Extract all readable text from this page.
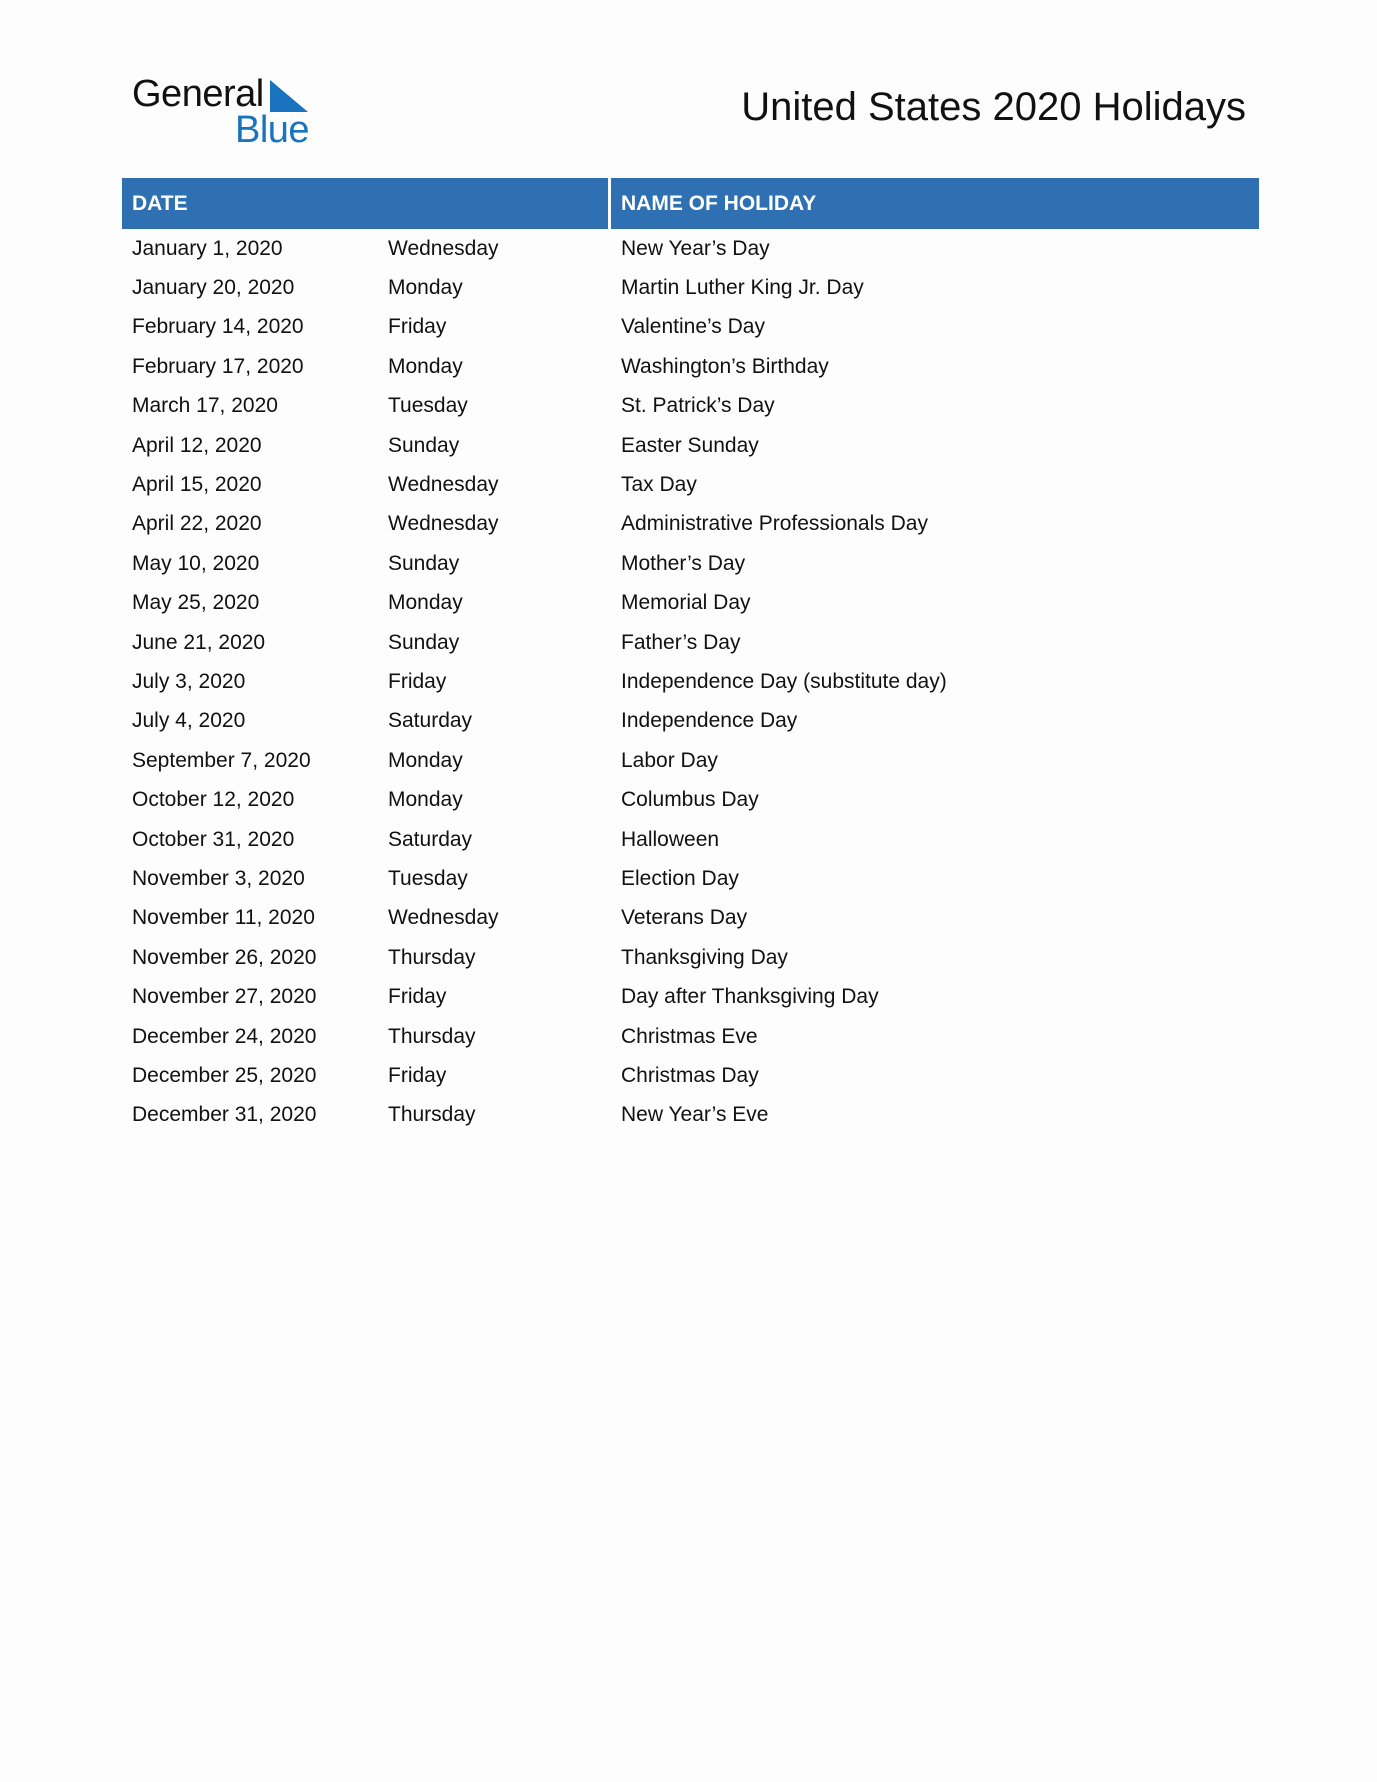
General
Blue
United States 2020 Holidays
DATE	NAME OF HOLIDAY
January 1, 2020	Wednesday	New Year’s Day
January 20, 2020	Monday	Martin Luther King Jr. Day
February 14, 2020	Friday	Valentine’s Day
February 17, 2020	Monday	Washington’s Birthday
March 17, 2020	Tuesday	St. Patrick’s Day
April 12, 2020	Sunday	Easter Sunday
April 15, 2020	Wednesday	Tax Day
April 22, 2020	Wednesday	Administrative Professionals Day
May 10, 2020	Sunday	Mother’s Day
May 25, 2020	Monday	Memorial Day
June 21, 2020	Sunday	Father’s Day
July 3, 2020	Friday	Independence Day (substitute day)
July 4, 2020	Saturday	Independence Day
September 7, 2020	Monday	Labor Day
October 12, 2020	Monday	Columbus Day
October 31, 2020	Saturday	Halloween
November 3, 2020	Tuesday	Election Day
November 11, 2020	Wednesday	Veterans Day
November 26, 2020	Thursday	Thanksgiving Day
November 27, 2020	Friday	Day after Thanksgiving Day
December 24, 2020	Thursday	Christmas Eve
December 25, 2020	Friday	Christmas Day
December 31, 2020	Thursday	New Year’s Eve
